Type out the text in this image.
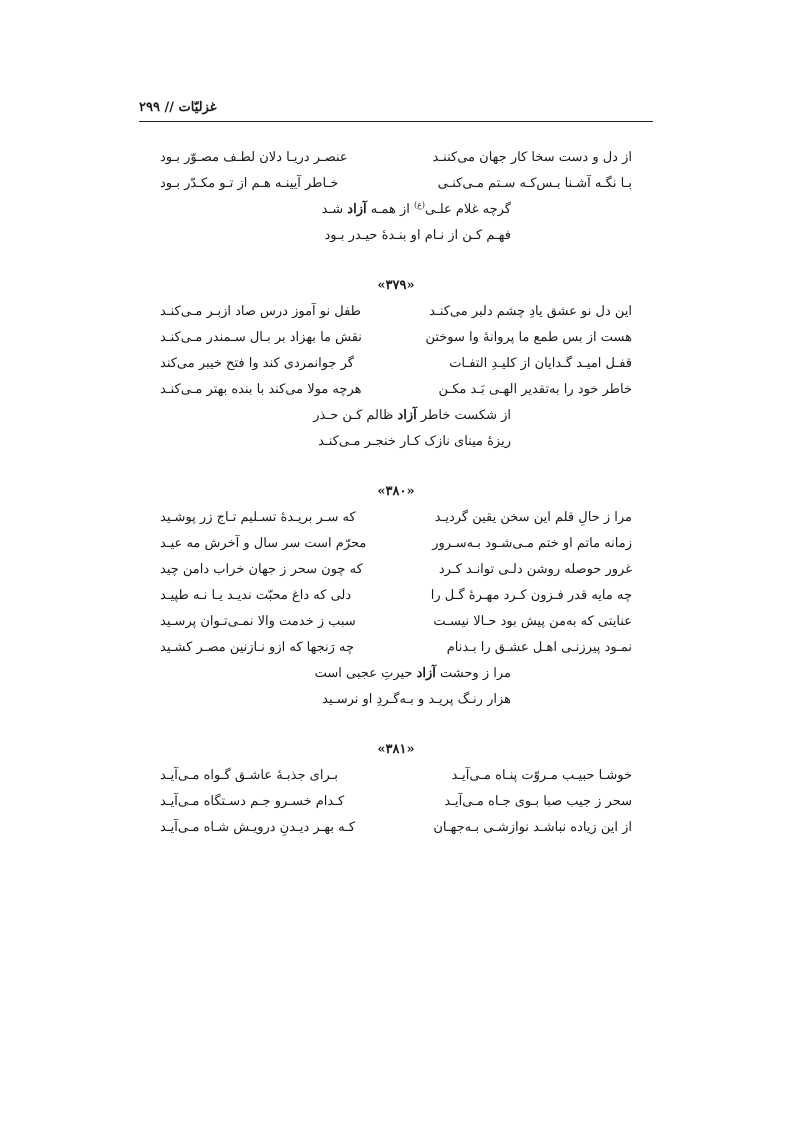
غزلیّات // ۲۹۹
از دل و دست سخا کار جهان می‌کننـد
عنصـر دریـا دلان لطـف مصـوّر بـود
بـا نگـه آشـنا بـس‌کـه سـتم مـی‌کنـی
خـاطر آیینـه هـم از تـو مکـدّر بـود
گرچه غلام علـی$^{(ع)}$ از همـه آزاد شـد
فهـم کـن از نـام او بنـدهٔ حیـدر بـود
«۳۷۹»
این دل نو عشق یادِ چشم دلبر می‌کنـد
طفل نو آموز درس صاد ازبـر مـی‌کنـد
هست از بس طمع ما پروانهٔ وا سوختن
نقش ما بهزاد بر بـال سـمندر مـی‌کنـد
قفـل امیـد گـدایان از کلیـدِ التفـات
گر جوانمردی کند وا فتح خیبر می‌کند
خاطر خود را به‌تقدیر الهـی بَـد مکـن
هرچه مولا می‌کند با بنده بهتر مـی‌کنـد
از شکست خاطر آزاد ظالم کـن حـذر
ریزهٔ مینای نازک کـار خنجـر مـی‌کنـد
«۳۸۰»
مرا ز حالِ قلم این سخن یقین گردیـد
که سـر بریـدهٔ تسـلیم تـاج زر پوشـید
زمانه ماتم او ختم مـی‌شـود بـه‌سـرور
محرّم است سر سال و آخرش مه عیـد
غرور حوصله روشن دلـی توانـد کـرد
که چون سحر ز جهان خراب دامن چید
چه مایه قدر فـزون کـرد مهـرهٔ گـل را
دلی که داغ محبّت ندیـد یـا نـه طپیـد
عنایتی که به‌من پیش بود حـالا نیسـت
سبب ز خدمت والا نمـی‌تـوان پرسـید
نمـود پیرزنـی اهـل عشـق را بـدنام
چه رَنجها که ازو نـازنین مصـر کشـید
مرا ز وحشت آزاد حیرتِ عجبی است
هزار رنـگ پریـد و بـه‌گـردِ او نرسـید
«۳۸۱»
خوشـا حبیـب مـروّت پنـاه مـی‌آیـد
بـرای جذبـهٔ عاشـق گـواه مـی‌آیـد
سحر ز جیب صبا بـوی جـاه مـی‌آیـد
کـدام خسـرو جـم دسـتگاه مـی‌آیـد
از این زیاده نباشـد نوازشـی بـه‌جهـان
کـه بهـر دیـدنِ درویـش شـاه مـی‌آیـد
